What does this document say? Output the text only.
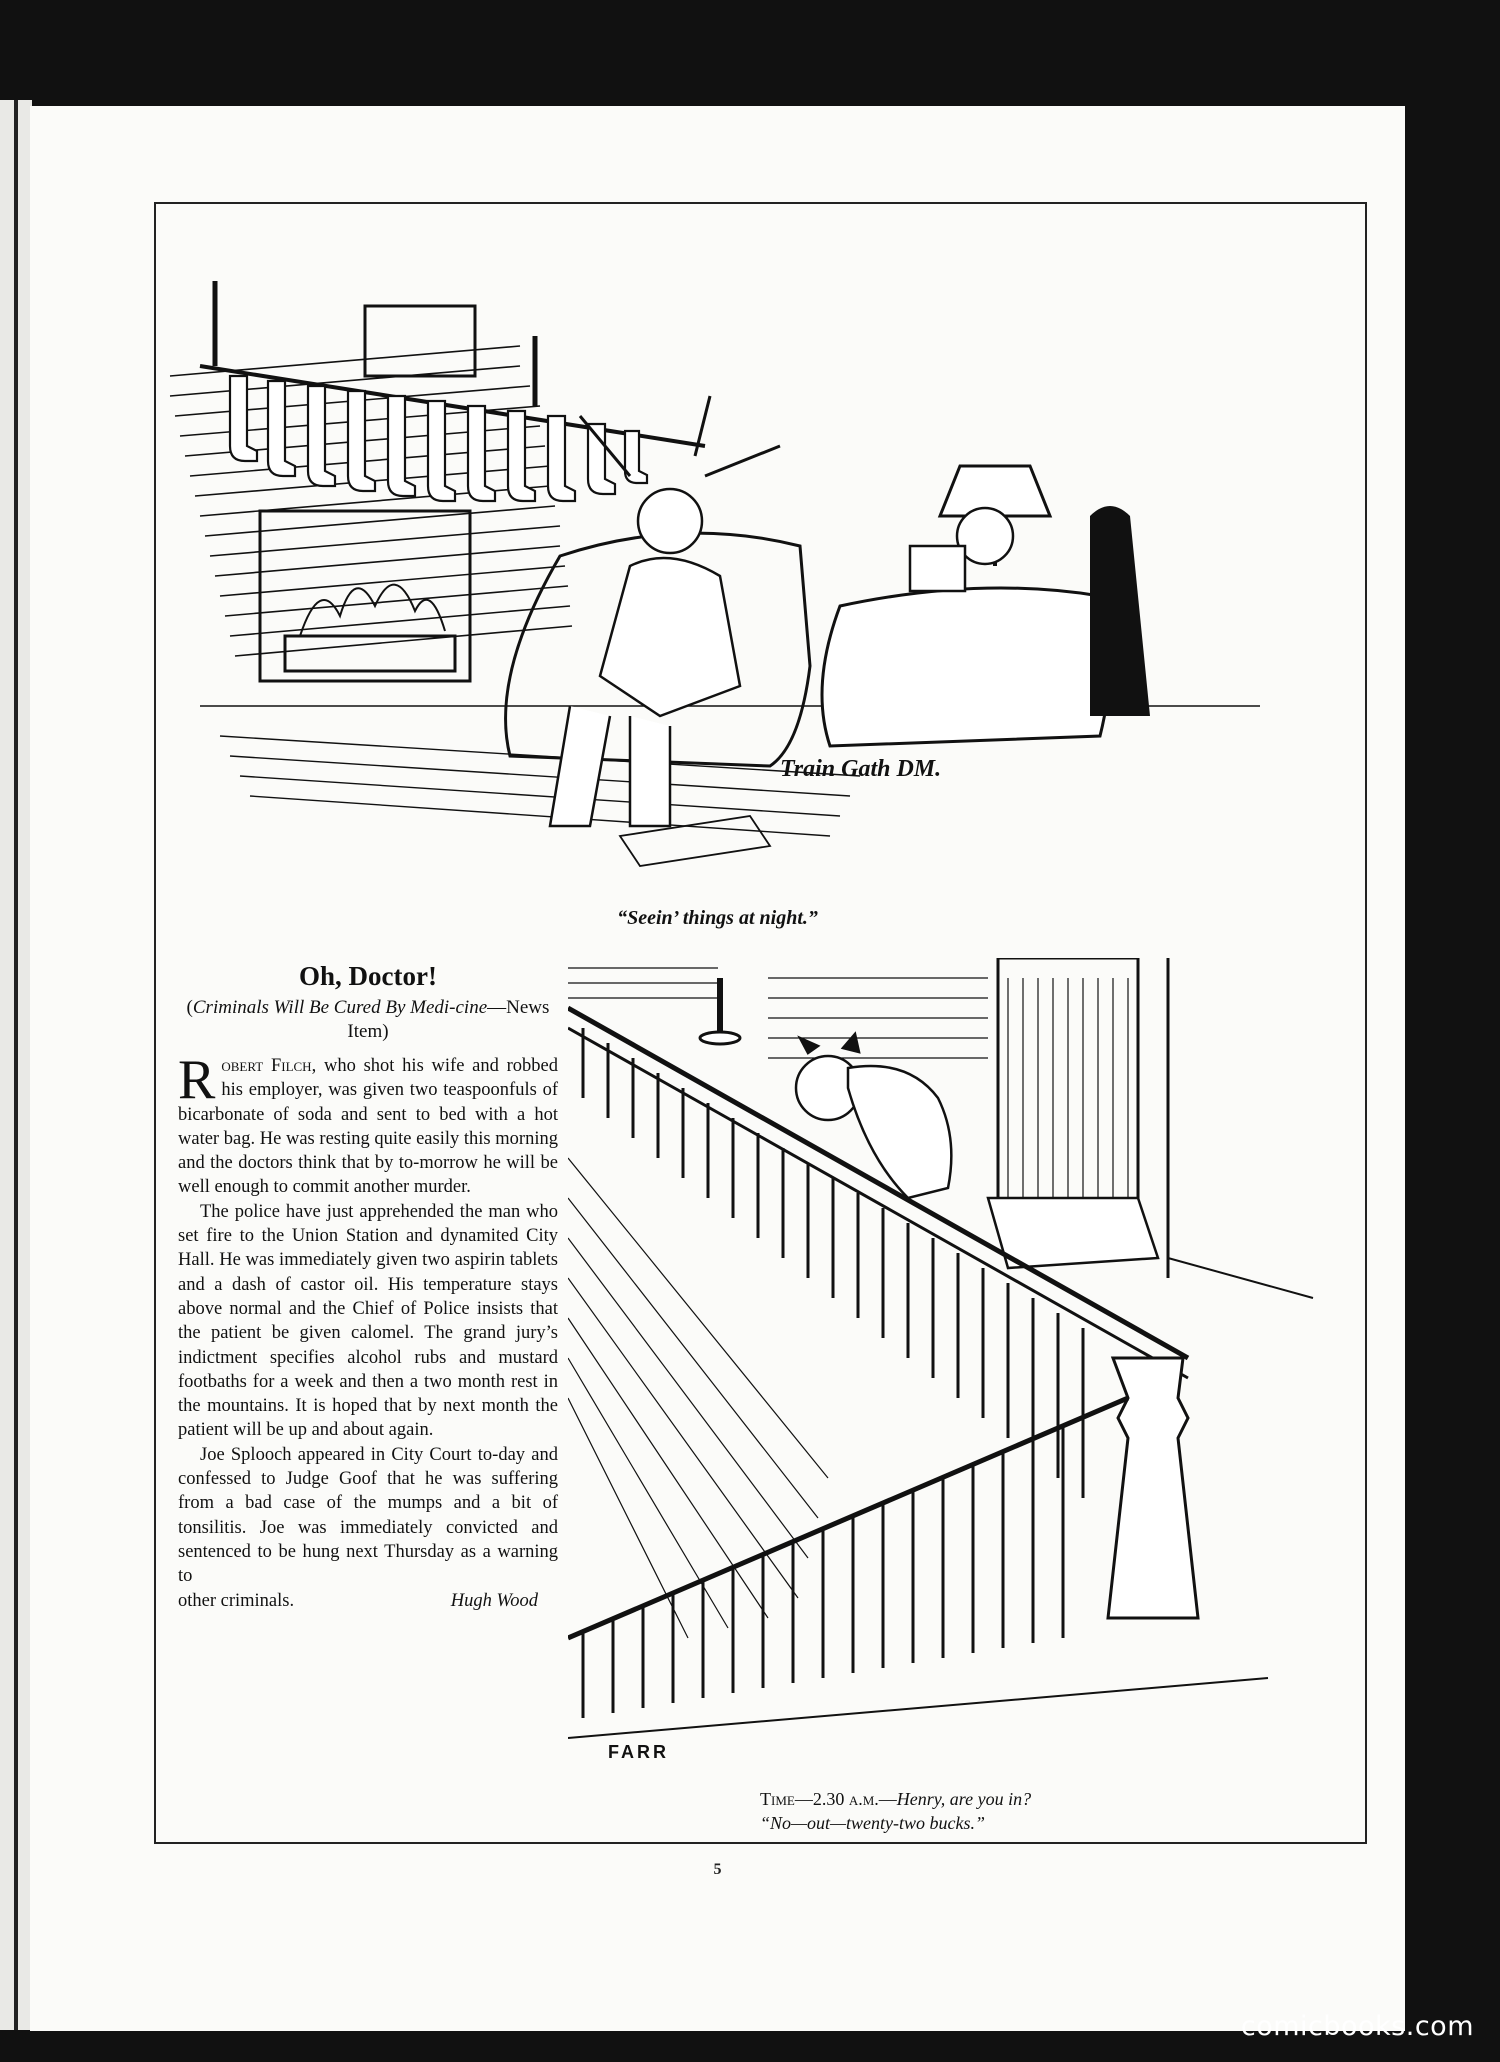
Train Gath DM.
“Seein’ things at night.”
Oh, Doctor!
(Criminals Will Be Cured By Medi-cine—News Item)

Robert Filch, who shot his wife and robbed his employer, was given two teaspoonfuls of bicarbonate of soda and sent to bed with a hot water bag. He was resting quite easily this morning and the doctors think that by to-morrow he will be well enough to commit another murder.

The police have just apprehended the man who set fire to the Union Station and dynamited City Hall. He was immediately given two aspirin tablets and a dash of castor oil. His temperature stays above normal and the Chief of Police insists that the patient be given calomel. The grand jury’s indictment specifies alcohol rubs and mustard footbaths for a week and then a two month rest in the mountains. It is hoped that by next month the patient will be up and about again.

Joe Splooch appeared in City Court to-day and confessed to Judge Goof that he was suffering from a bad case of the mumps and a bit of tonsilitis. Joe was immediately convicted and sentenced to be hung next Thursday as a warning to

other criminals.	Hugh Wood
FARR
Time—2.30 a.m.—Henry, are you in?
“No—out—twenty-two bucks.”
5
comicbooks.com
